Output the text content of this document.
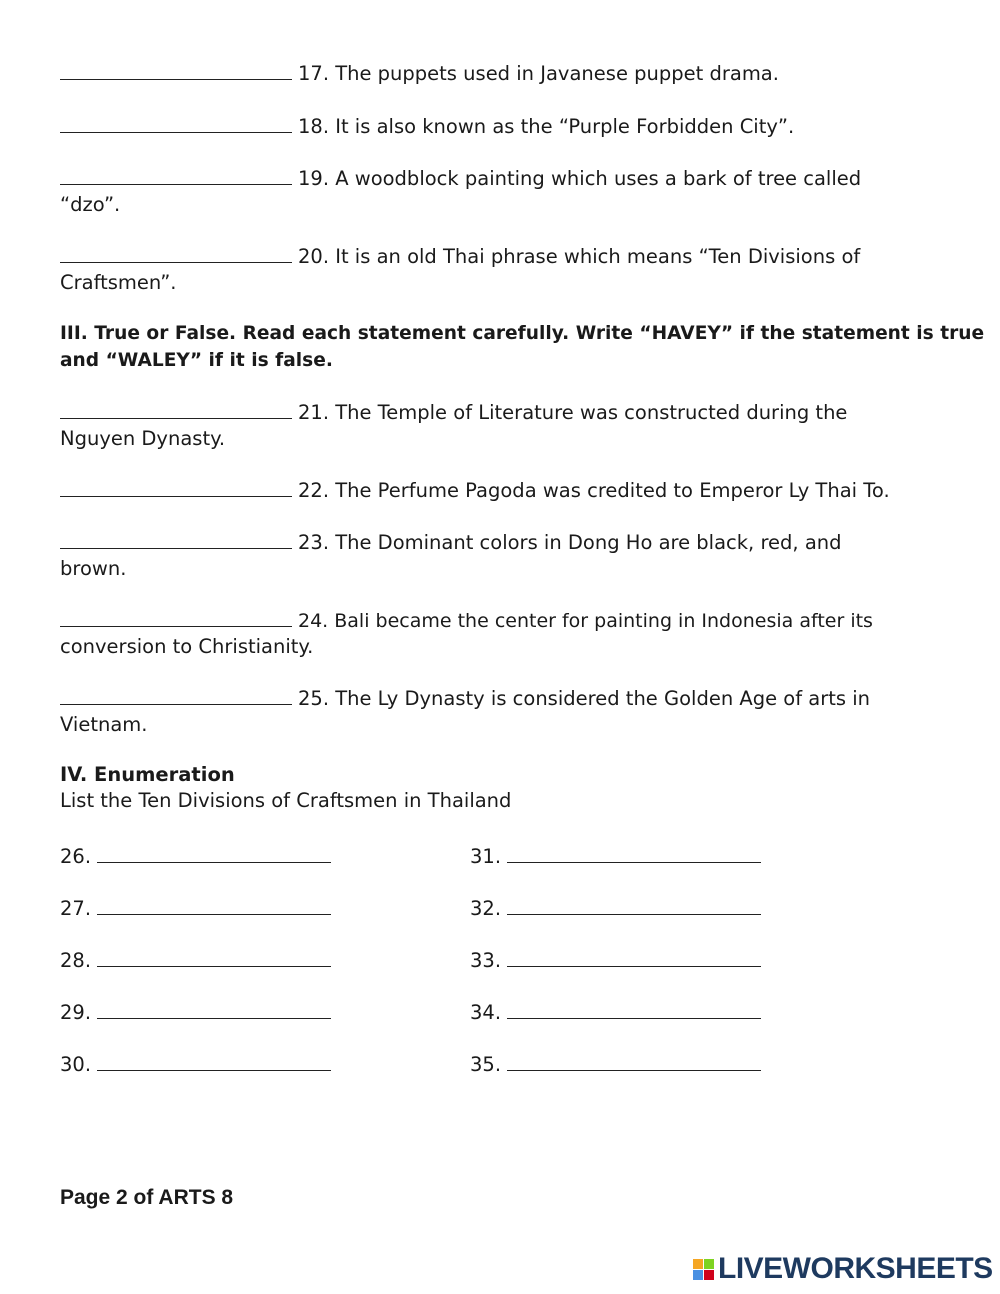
17. The puppets used in Javanese puppet drama.
18. It is also known as the “Purple Forbidden City”.
19. A woodblock painting which uses a bark of tree called
“dzo”.
20. It is an old Thai phrase which means “Ten Divisions of
Craftsmen”.
III. True or False. Read each statement carefully. Write “HAVEY” if the statement is true
and “WALEY” if it is false.
21. The Temple of Literature was constructed during the
Nguyen Dynasty.
22. The Perfume Pagoda was credited to Emperor Ly Thai To.
23. The Dominant colors in Dong Ho are black, red, and
brown.
24. Bali became the center for painting in Indonesia after its
conversion to Christianity.
25. The Ly Dynasty is considered the Golden Age of arts in
Vietnam.
IV. Enumeration
List the Ten Divisions of Craftsmen in Thailand
26.
27.
28.
29.
30.
31.
32.
33.
34.
35.
Page 2 of ARTS 8
LIVEWORKSHEETS
